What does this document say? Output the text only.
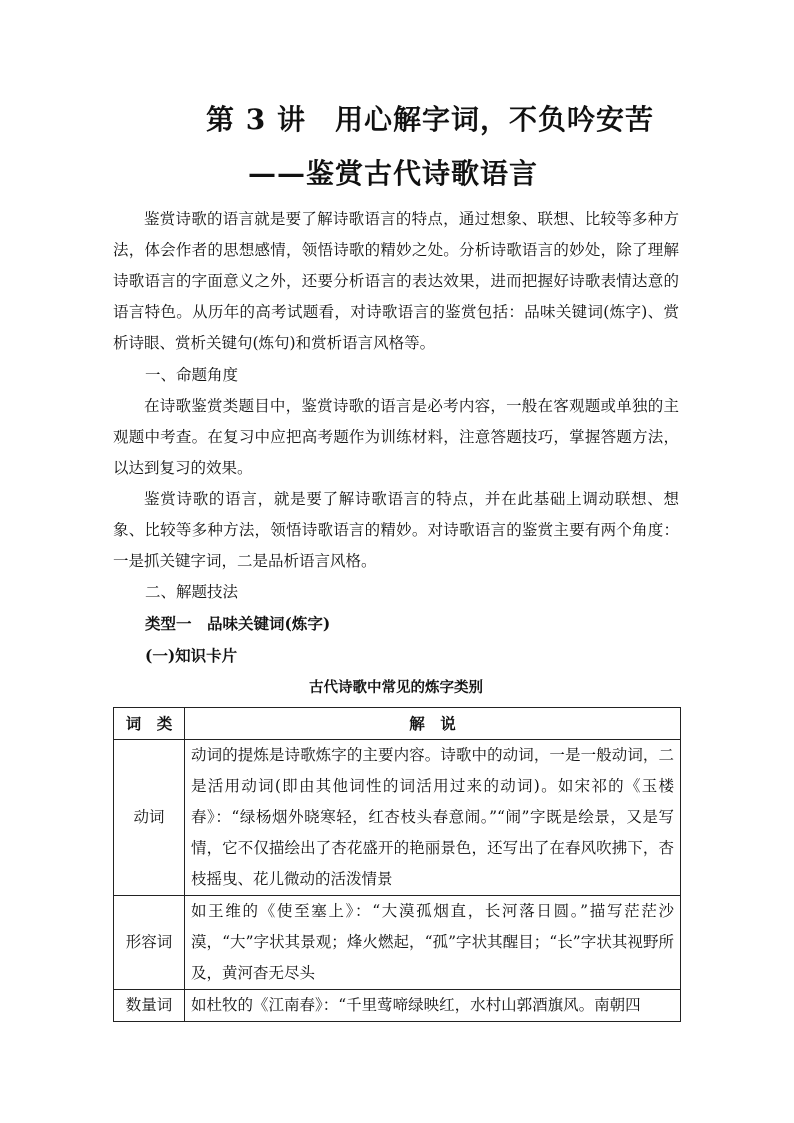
第 3 讲　用心解字词，不负吟安苦
——鉴赏古代诗歌语言
鉴赏诗歌的语言就是要了解诗歌语言的特点，通过想象、联想、比较等多种方法，体会作者的思想感情，领悟诗歌的精妙之处。分析诗歌语言的妙处，除了理解诗歌语言的字面意义之外，还要分析语言的表达效果，进而把握好诗歌表情达意的语言特色。从历年的高考试题看，对诗歌语言的鉴赏包括：品味关键词(炼字)、赏析诗眼、赏析关键句(炼句)和赏析语言风格等。
一、命题角度
在诗歌鉴赏类题目中，鉴赏诗歌的语言是必考内容，一般在客观题或单独的主观题中考查。在复习中应把高考题作为训练材料，注意答题技巧，掌握答题方法，以达到复习的效果。
鉴赏诗歌的语言，就是要了解诗歌语言的特点，并在此基础上调动联想、想象、比较等多种方法，领悟诗歌语言的精妙。对诗歌语言的鉴赏主要有两个角度：一是抓关键字词，二是品析语言风格。
二、解题技法
类型一　品味关键词(炼字)
(一)知识卡片
古代诗歌中常见的炼字类别
词　类	解　说
动词	动词的提炼是诗歌炼字的主要内容。诗歌中的动词，一是一般动词，二是活用动词(即由其他词性的词活用过来的动词)。如宋祁的《玉楼春》：“绿杨烟外晓寒轻，红杏枝头春意闹。”“闹”字既是绘景，又是写情，它不仅描绘出了杏花盛开的艳丽景色，还写出了在春风吹拂下，杏枝摇曳、花儿微动的活泼情景
形容词	如王维的《使至塞上》：“大漠孤烟直，长河落日圆。”描写茫茫沙漠，“大”字状其景观；烽火燃起，“孤”字状其醒目；“长”字状其视野所及，黄河杳无尽头
数量词	如杜牧的《江南春》：“千里莺啼绿映红，水村山郭酒旗风。南朝四
